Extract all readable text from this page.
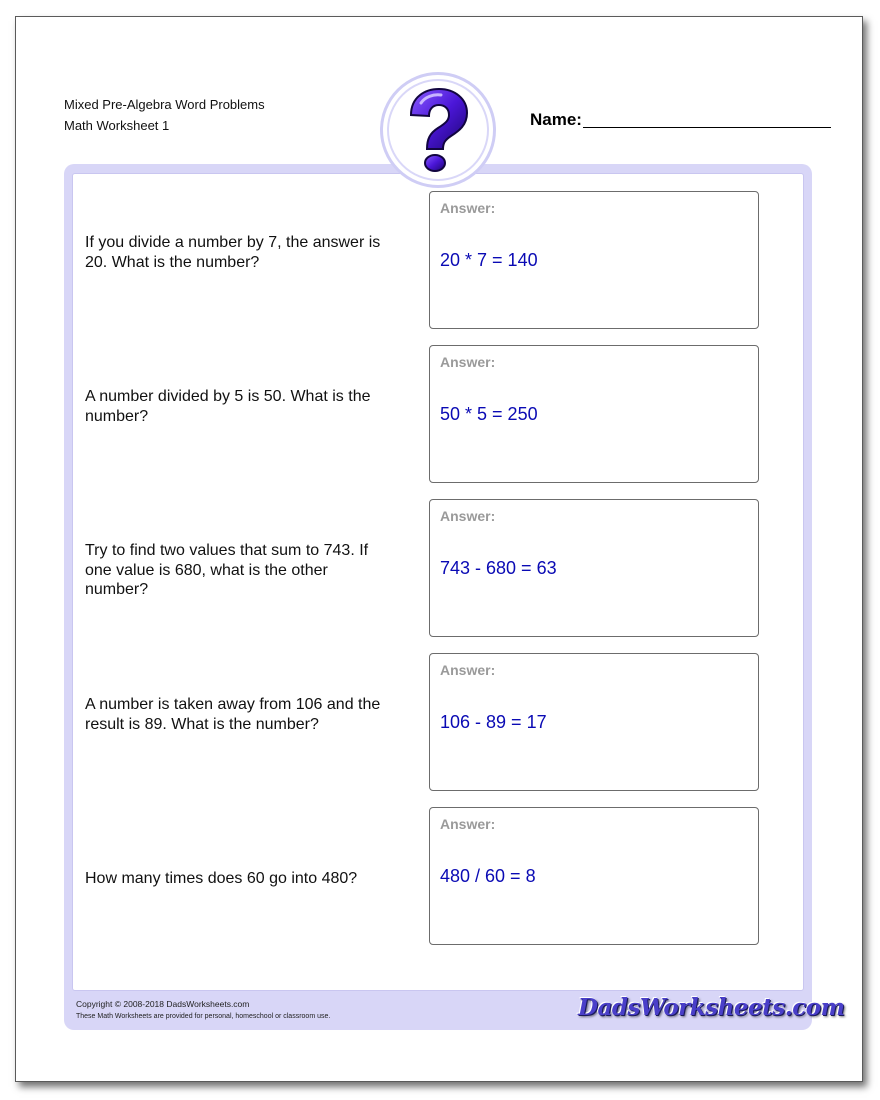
Mixed Pre-Algebra Word Problems
Math Worksheet 1	Name:
If you divide a number by 7, the answer is 20. What is the number?
Answer:
20 * 7 = 140
A number divided by 5 is 50. What is the number?
Answer:
50 * 5 = 250
Try to find two values that sum to 743. If one value is 680, what is the other number?
Answer:
743 - 680 = 63
A number is taken away from 106 and the result is 89. What is the number?
Answer:
106 - 89 = 17
How many times does 60 go into 480?
Answer:
480 / 60 = 8
Copyright © 2008-2018 DadsWorksheets.com
These Math Worksheets are provided for personal, homeschool or classroom use.	DadsWorksheets.com
